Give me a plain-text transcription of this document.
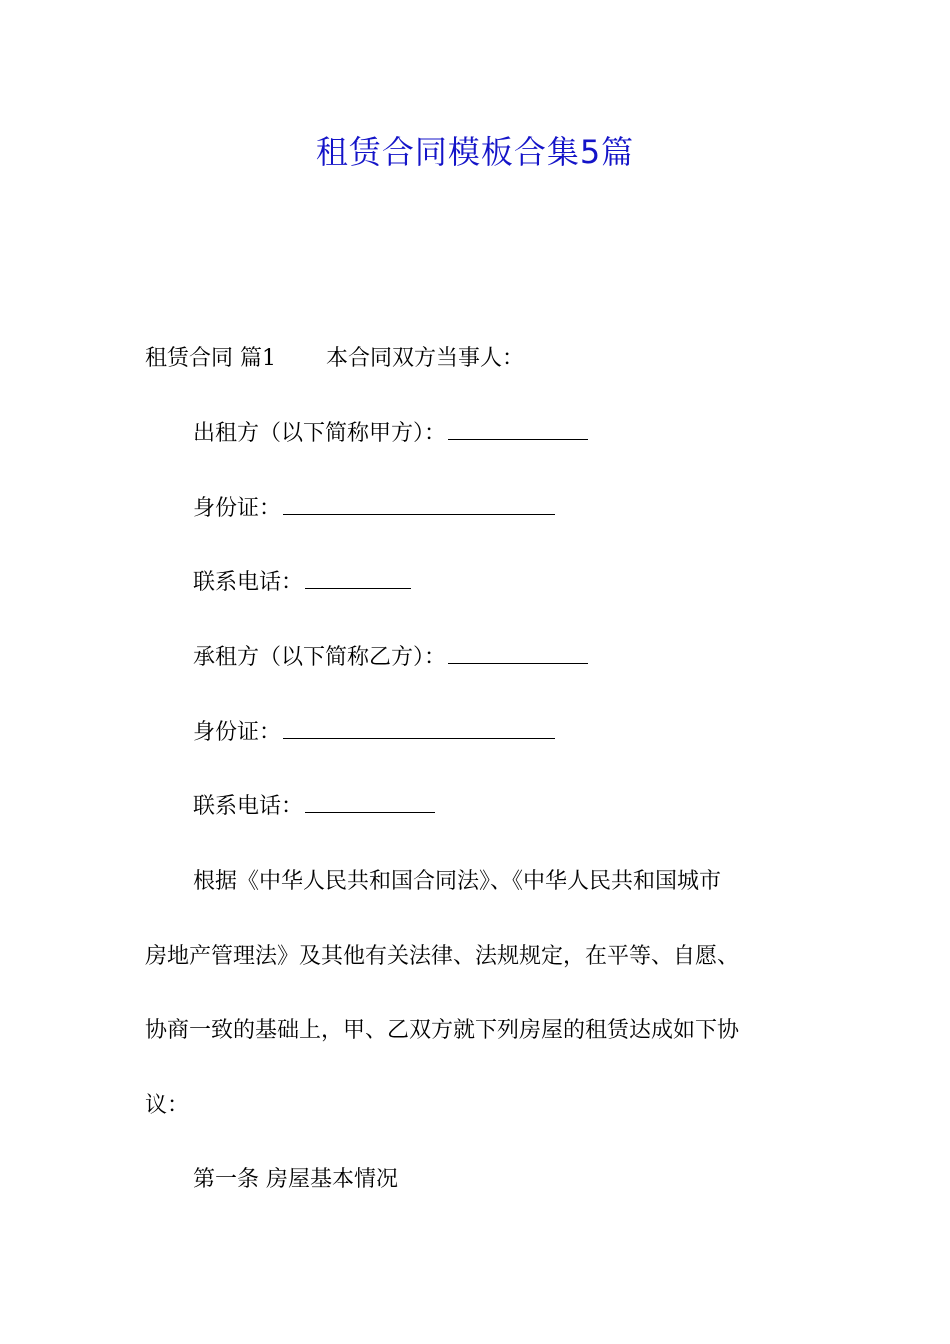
租赁合同模板合集5篇
租赁合同 篇1 本合同双方当事人：
出租方（以下简称甲方）：
身份证：
联系电话：
承租方（以下简称乙方）：
身份证：
联系电话：
根据《中华人民共和国合同法》、《中华人民共和国城市
房地产管理法》及其他有关法律、法规规定，在平等、自愿、
协商一致的基础上，甲、乙双方就下列房屋的租赁达成如下协
议：
第一条 房屋基本情况
